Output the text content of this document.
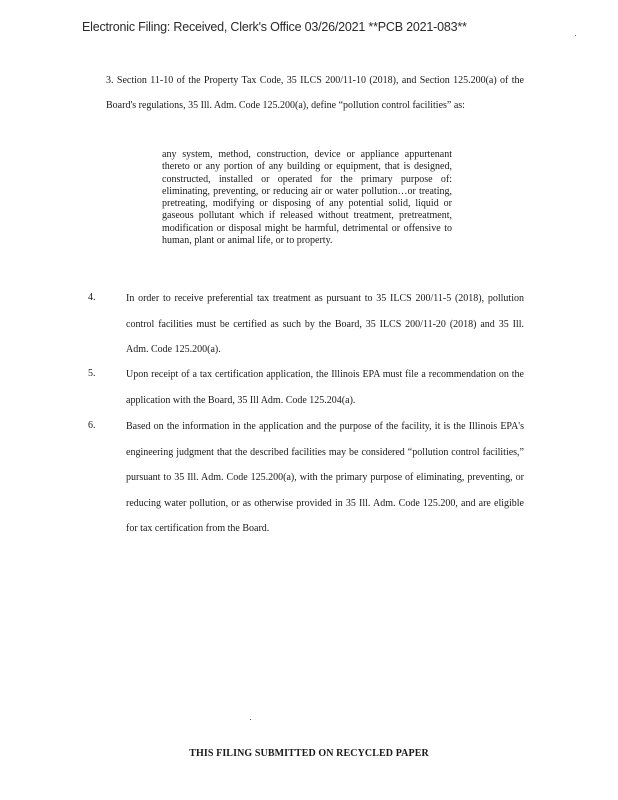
Electronic Filing: Received, Clerk's Office 03/26/2021 **PCB 2021-083**
3. Section 11-10 of the Property Tax Code, 35 ILCS 200/11-10 (2018), and Section 125.200(a) of the Board's regulations, 35 Ill. Adm. Code 125.200(a), define “pollution control facilities” as:
any system, method, construction, device or appliance appurtenant thereto or any portion of any building or equipment, that is designed, constructed, installed or operated for the primary purpose of: eliminating, preventing, or reducing air or water pollution…or treating, pretreating, modifying or disposing of any potential solid, liquid or gaseous pollutant which if released without treatment, pretreatment, modification or disposal might be harmful, detrimental or offensive to human, plant or animal life, or to property.
4.	In order to receive preferential tax treatment as pursuant to 35 ILCS 200/11-5 (2018), pollution control facilities must be certified as such by the Board, 35 ILCS 200/11-20 (2018) and 35 Ill. Adm. Code 125.200(a).
5.	Upon receipt of a tax certification application, the Illinois EPA must file a recommendation on the application with the Board, 35 Ill Adm. Code 125.204(a).
6.	Based on the information in the application and the purpose of the facility, it is the Illinois EPA's engineering judgment that the described facilities may be considered “pollution control facilities,” pursuant to 35 Ill. Adm. Code 125.200(a), with the primary purpose of eliminating, preventing, or reducing water pollution, or as otherwise provided in 35 Ill. Adm. Code 125.200, and are eligible for tax certification from the Board.
THIS FILING SUBMITTED ON RECYCLED PAPER
